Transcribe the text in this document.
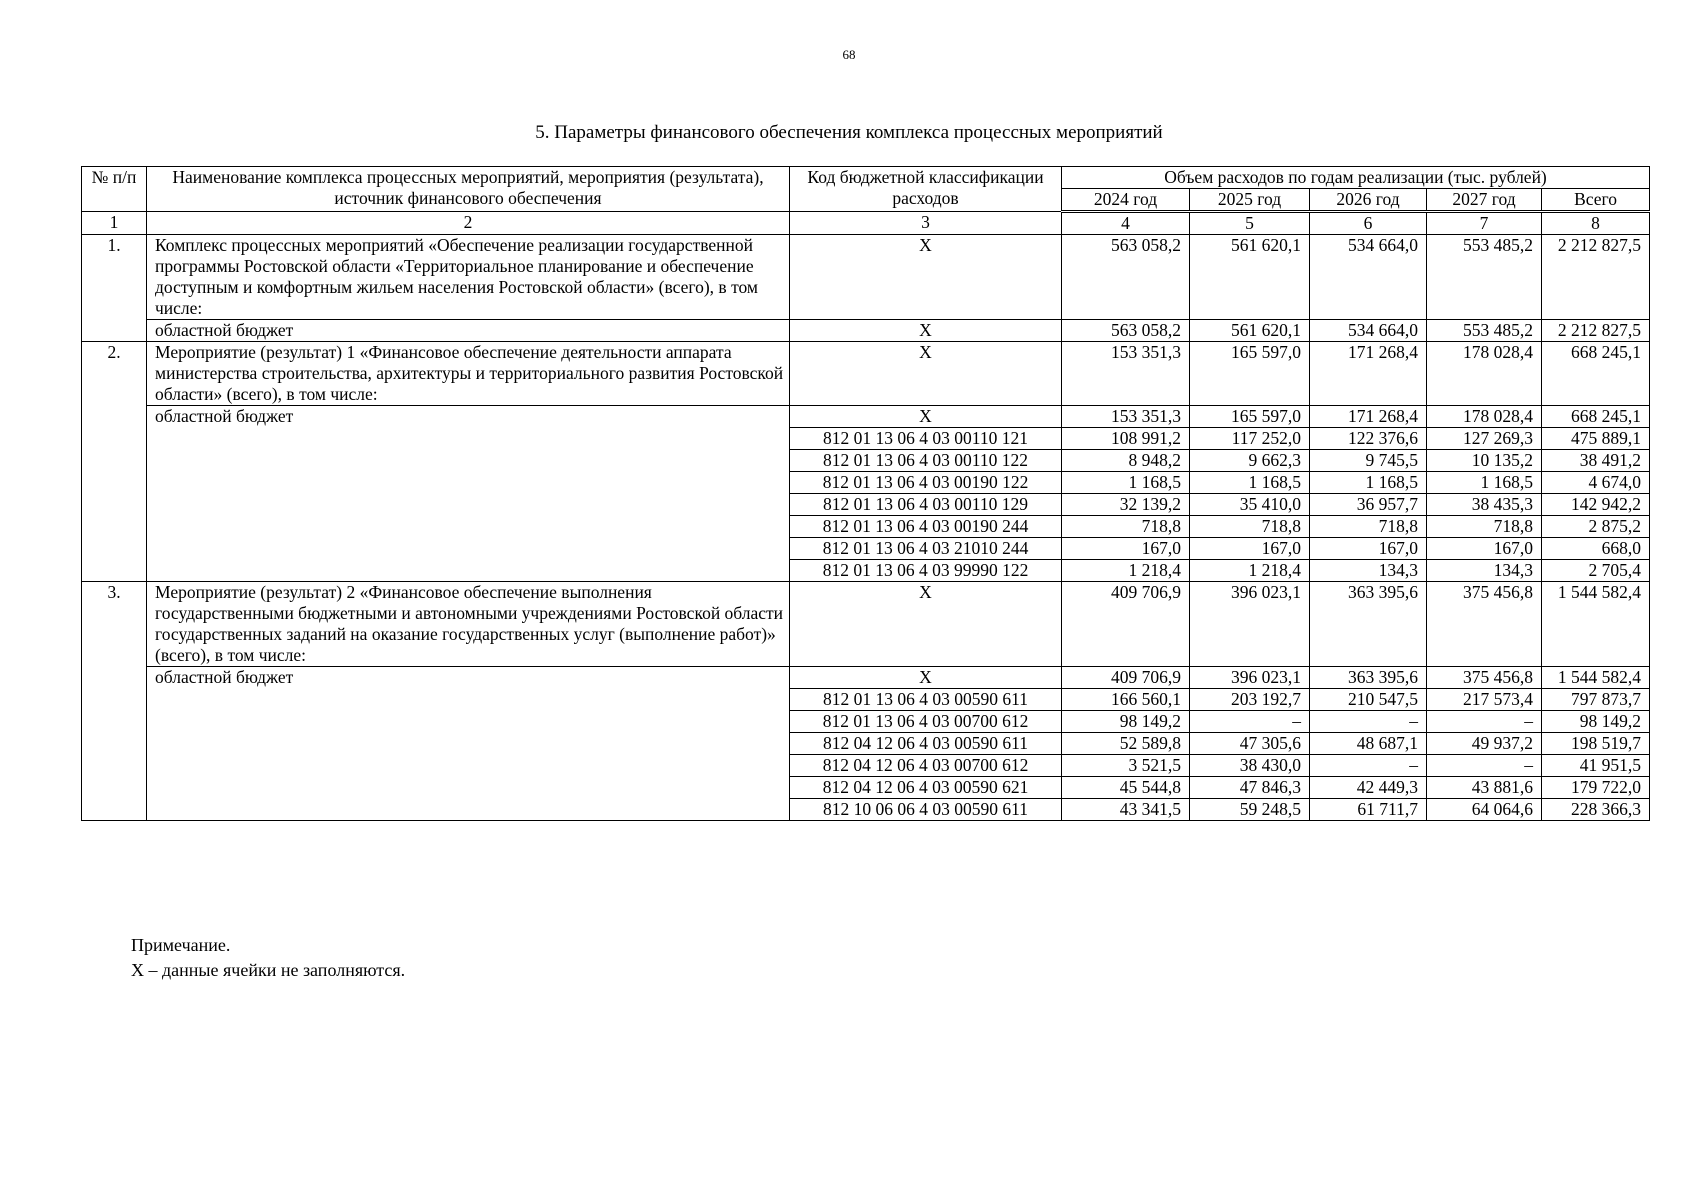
68
5. Параметры финансового обеспечения комплекса процессных мероприятий
№ п/п	Наименование комплекса процессных мероприятий, мероприятия (результата), источник финансового обеспечения	Код бюджетной классификации расходов	Объем расходов по годам реализации (тыс. рублей)				
			2024 год	2025 год	2026 год	2027 год	Всего
1	2	3	4	5	6	7	8
1.	Комплекс процессных мероприятий «Обеспечение реализации государственной программы Ростовской области «Территориальное планирование и обеспечение доступным и комфортным жильем населения Ростовской области» (всего), в том числе:	X	563 058,2	561 620,1	534 664,0	553 485,2	2 212 827,5
	областной бюджет	X	563 058,2	561 620,1	534 664,0	553 485,2	2 212 827,5
2.	Мероприятие (результат) 1 «Финансовое обеспечение деятельности аппарата министерства строительства, архитектуры и территориального развития Ростовской области» (всего), в том числе:	X	153 351,3	165 597,0	171 268,4	178 028,4	668 245,1
	областной бюджет	X	153 351,3	165 597,0	171 268,4	178 028,4	668 245,1
		812 01 13 06 4 03 00110 121	108 991,2	117 252,0	122 376,6	127 269,3	475 889,1
		812 01 13 06 4 03 00110 122	8 948,2	9 662,3	9 745,5	10 135,2	38 491,2
		812 01 13 06 4 03 00190 122	1 168,5	1 168,5	1 168,5	1 168,5	4 674,0
		812 01 13 06 4 03 00110 129	32 139,2	35 410,0	36 957,7	38 435,3	142 942,2
		812 01 13 06 4 03 00190 244	718,8	718,8	718,8	718,8	2 875,2
		812 01 13 06 4 03 21010 244	167,0	167,0	167,0	167,0	668,0
		812 01 13 06 4 03 99990 122	1 218,4	1 218,4	134,3	134,3	2 705,4
3.	Мероприятие (результат) 2 «Финансовое обеспечение выполнения государственными бюджетными и автономными учреждениями Ростовской области государственных заданий на оказание государственных услуг (выполнение работ)» (всего), в том числе:	X	409 706,9	396 023,1	363 395,6	375 456,8	1 544 582,4
	областной бюджет	X	409 706,9	396 023,1	363 395,6	375 456,8	1 544 582,4
		812 01 13 06 4 03 00590 611	166 560,1	203 192,7	210 547,5	217 573,4	797 873,7
		812 01 13 06 4 03 00700 612	98 149,2	–	–	–	98 149,2
		812 04 12 06 4 03 00590 611	52 589,8	47 305,6	48 687,1	49 937,2	198 519,7
		812 04 12 06 4 03 00700 612	3 521,5	38 430,0	–	–	41 951,5
		812 04 12 06 4 03 00590 621	45 544,8	47 846,3	42 449,3	43 881,6	179 722,0
		812 10 06 06 4 03 00590 611	43 341,5	59 248,5	61 711,7	64 064,6	228 366,3
Примечание.
X – данные ячейки не заполняются.
